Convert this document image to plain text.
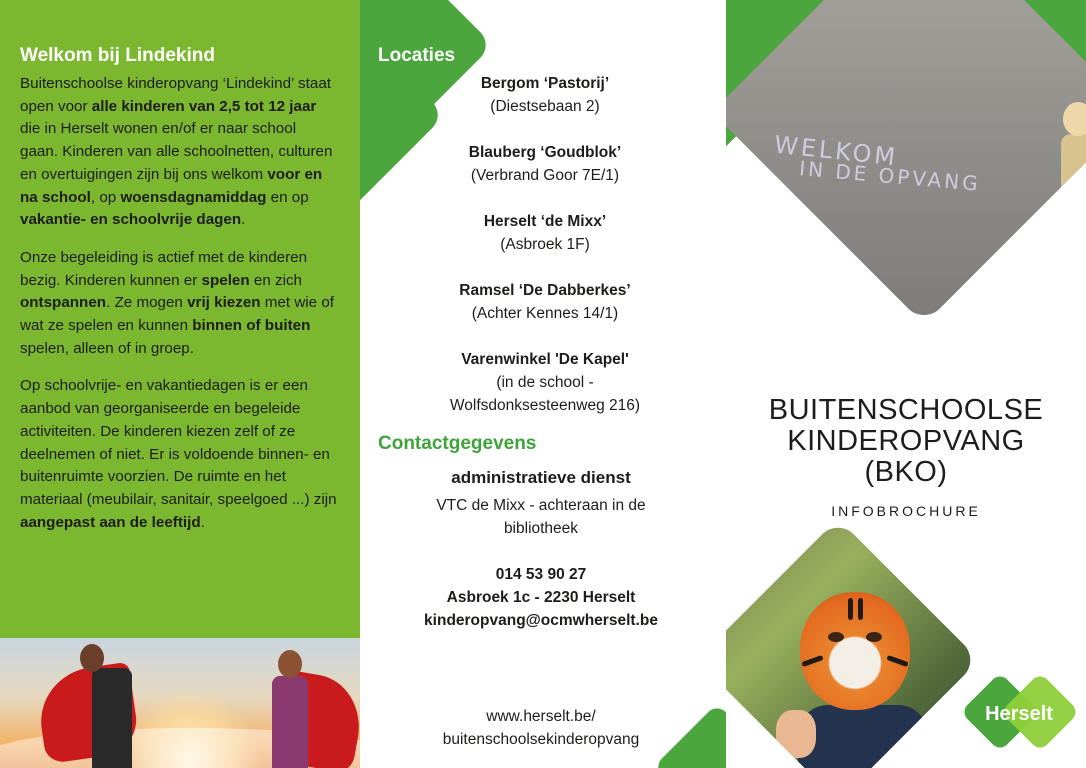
Welkom bij Lindekind

Buitenschoolse kinderopvang ‘Lindekind’ staat open voor alle kinderen van 2,5 tot 12 jaar die in Herselt wonen en/of er naar school gaan. Kinderen van alle schoolnetten, culturen en overtuigingen zijn bij ons welkom voor en na school, op woensdagnamiddag en op vakantie- en schoolvrije dagen.

Onze begeleiding is actief met de kinderen bezig. Kinderen kunnen er spelen en zich ontspannen. Ze mogen vrij kiezen met wie of wat ze spelen en kunnen binnen of buiten spelen, alleen of in groep.

Op schoolvrije- en vakantiedagen is er een aanbod van georganiseerde en begeleide activiteiten. De kinderen kiezen zelf of ze deelnemen of niet. Er is voldoende binnen- en buitenruimte voorzien. De ruimte en het materiaal (meubilair, sanitair, speelgoed ...) zijn aangepast aan de leeftijd.

Locaties
Bergom ‘Pastorij’
(Diestsebaan 2)
Blauberg ‘Goudblok’
(Verbrand Goor 7E/1)
Herselt ‘de Mixx’
(Asbroek 1F)
Ramsel ‘De Dabberkes’
(Achter Kennes 14/1)
Varenwinkel 'De Kapel'
(in de school -
Wolfsdonksesteenweg 216)
Contactgegevens
administratieve dienst
VTC de Mixx - achteraan in de
bibliotheek
014 53 90 27
Asbroek 1c - 2230 Herselt
kinderopvang@ocmwherselt.be
www.herselt.be/
buitenschoolsekinderopvang
WELKOM
IN DE OPVANG
BUITENSCHOOLSE
KINDEROPVANG
(BKO)
INFOBROCHURE
Herselt
